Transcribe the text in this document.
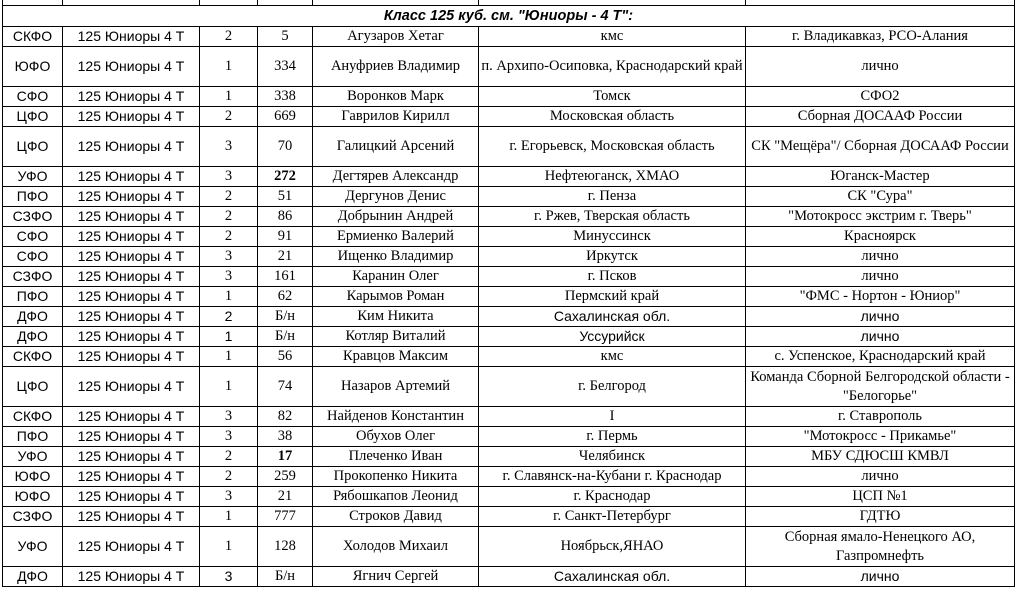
Класс 125 куб. см. "Юниоры - 4 Т":						
СКФО	125 Юниоры 4 Т	2	5	Агузаров Хетаг	кмс	г. Владикавказ, РСО-Алания
ЮФО	125 Юниоры 4 Т	1	334	Ануфриев Владимир	п. Архипо-Осиповка, Краснодарский край	лично
СФО	125 Юниоры 4 Т	1	338	Воронков Марк	Томск	СФО2
ЦФО	125 Юниоры 4 Т	2	669	Гаврилов Кирилл	Московская область	Сборная ДОСААФ России
ЦФО	125 Юниоры 4 Т	3	70	Галицкий Арсений	г. Егорьевск, Московская область	СК "Мещёра"/ Сборная ДОСААФ России
УФО	125 Юниоры 4 Т	3	272	Дегтярев Александр	Нефтеюганск, ХМАО	Юганск-Мастер
ПФО	125 Юниоры 4 Т	2	51	Дергунов Денис	г. Пенза	СК "Сура"
СЗФО	125 Юниоры 4 Т	2	86	Добрынин Андрей	г. Ржев, Тверская область	"Мотокросс экстрим г. Тверь"
СФО	125 Юниоры 4 Т	2	91	Ермиенко Валерий	Минуссинск	Красноярск
СФО	125 Юниоры 4 Т	3	21	Ищенко Владимир	Иркутск	лично
СЗФО	125 Юниоры 4 Т	3	161	Каранин Олег	г. Псков	лично
ПФО	125 Юниоры 4 Т	1	62	Карымов Роман	Пермский край	"ФМС - Нортон - Юниор"
ДФО	125 Юниоры 4 Т	2	Б/н	Ким Никита	Сахалинская обл.	лично
ДФО	125 Юниоры 4 Т	1	Б/н	Котляр Виталий	Уссурийск	лично
СКФО	125 Юниоры 4 Т	1	56	Кравцов Максим	кмс	с. Успенское, Краснодарский край
ЦФО	125 Юниоры 4 Т	1	74	Назаров Артемий	г. Белгород	Команда Сборной Белгородской области - "Белогорье"
СКФО	125 Юниоры 4 Т	3	82	Найденов Константин	I	г. Ставрополь
ПФО	125 Юниоры 4 Т	3	38	Обухов Олег	г. Пермь	"Мотокросс - Прикамье"
УФО	125 Юниоры 4 Т	2	17	Плеченко Иван	Челябинск	МБУ СДЮСШ КМВЛ
ЮФО	125 Юниоры 4 Т	2	259	Прокопенко Никита	г. Славянск-на-Кубани г. Краснодар	лично
ЮФО	125 Юниоры 4 Т	3	21	Рябошкапов Леонид	г. Краснодар	ЦСП №1
СЗФО	125 Юниоры 4 Т	1	777	Строков Давид	г. Санкт-Петербург	ГДТЮ
УФО	125 Юниоры 4 Т	1	128	Холодов Михаил	Ноябрьск,ЯНАО	Сборная ямало-Ненецкого АО, Газпромнефть
ДФО	125 Юниоры 4 Т	3	Б/н	Ягнич Сергей	Сахалинская обл.	лично
